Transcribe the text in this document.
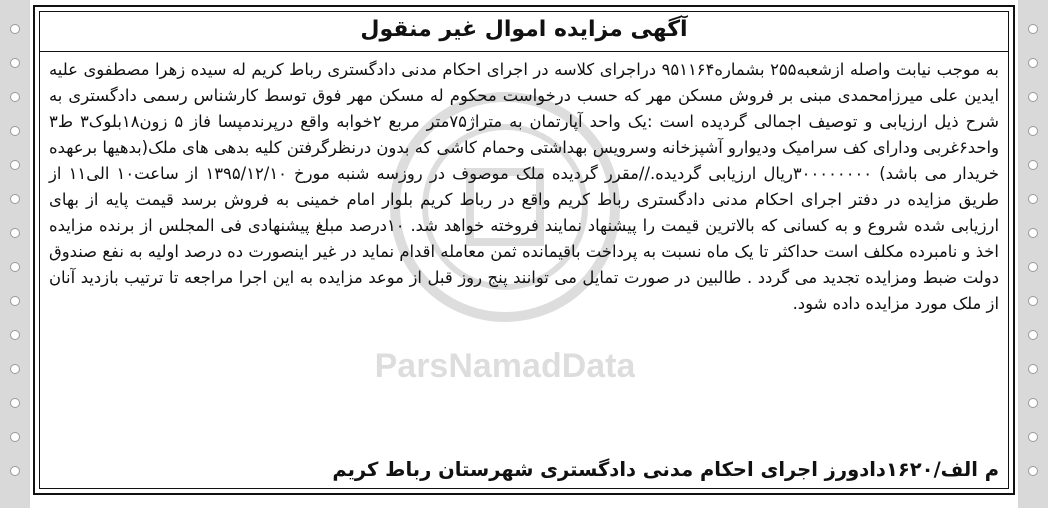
آگهی مزایده اموال غیر منقول
ParsNamadData
به موجب نیابت واصله ازشعبه۲۵۵ بشماره۹۵۱۱۶۴ دراجرای کلاسه در اجرای احکام مدنی دادگستری رباط کریم له سیده زهرا مصطفوی علیه ایدین علی میرزامحمدی مبنی بر فروش مسکن مهر که حسب درخواست محکوم له مسکن مهر فوق توسط کارشناس رسمی دادگستری به شرح ذیل ارزیابی و توصیف اجمالی گردیده است :یک واحد آپارتمان به متراژ۷۵متر مربع ۲خوابه واقع درپرندمپسا فاز ۵ زون۱۸بلوک۳ ط۳ واحد۶غربی ودارای کف سرامیک ودیوارو آشپزخانه وسرویس بهداشتی وحمام کاشی که بدون درنظرگرفتن کلیه بدهی های ملک(بدهیها برعهده خریدار می باشد) ۳۰۰۰۰۰۰۰۰ریال ارزیابی گردیده.//مقرر گردیده ملک موصوف در روزسه شنبه مورخ ۱۳۹۵/۱۲/۱۰ از ساعت۱۰ الی۱۱ از طریق مزایده در دفتر اجرای احکام مدنی دادگستری رباط کریم واقع در رباط کریم بلوار امام خمینی به فروش برسد قیمت پایه از بهای ارزیابی شده شروع و به کسانی که بالاترین قیمت را پیشنهاد نمایند فروخته خواهد شد. ۱۰درصد مبلغ پیشنهادی فی المجلس از برنده مزایده اخذ و نامبرده مکلف است حداکثر تا یک ماه نسبت به پرداخت باقیمانده ثمن معامله اقدام نماید در غیر اینصورت ده درصد اولیه به نفع صندوق دولت ضبط ومزایده تجدید می گردد . طالبین در صورت تمایل می توانند پنج روز قبل از موعد مزایده به این اجرا مراجعه تا ترتیب بازدید آنان از ملک مورد مزایده داده شود.
م الف/۱۶۲۰دادورز اجرای احکام مدنی دادگستری شهرستان رباط کریم
